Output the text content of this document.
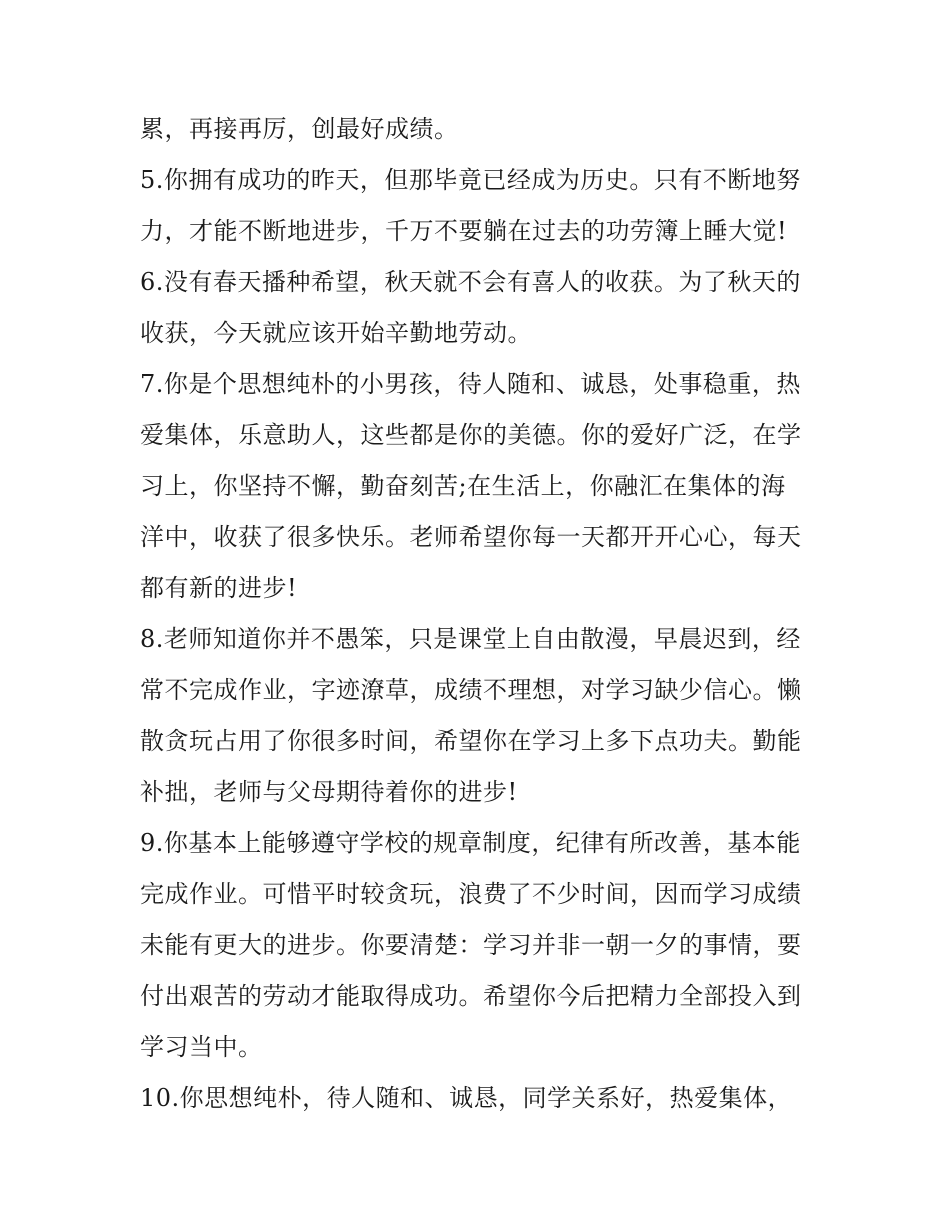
累，再接再厉，创最好成绩。
5.你拥有成功的昨天，但那毕竟已经成为历史。只有不断地努
力，才能不断地进步，千万不要躺在过去的功劳簿上睡大觉!
6.没有春天播种希望，秋天就不会有喜人的收获。为了秋天的
收获，今天就应该开始辛勤地劳动。
7.你是个思想纯朴的小男孩，待人随和、诚恳，处事稳重，热
爱集体，乐意助人，这些都是你的美德。你的爱好广泛，在学
习上，你坚持不懈，勤奋刻苦;在生活上，你融汇在集体的海
洋中，收获了很多快乐。老师希望你每一天都开开心心，每天
都有新的进步!
8.老师知道你并不愚笨，只是课堂上自由散漫，早晨迟到，经
常不完成作业，字迹潦草，成绩不理想，对学习缺少信心。懒
散贪玩占用了你很多时间，希望你在学习上多下点功夫。勤能
补拙，老师与父母期待着你的进步!
9.你基本上能够遵守学校的规章制度，纪律有所改善，基本能
完成作业。可惜平时较贪玩，浪费了不少时间，因而学习成绩
未能有更大的进步。你要清楚：学习并非一朝一夕的事情，要
付出艰苦的劳动才能取得成功。希望你今后把精力全部投入到
学习当中。
10.你思想纯朴，待人随和、诚恳，同学关系好，热爱集体，
